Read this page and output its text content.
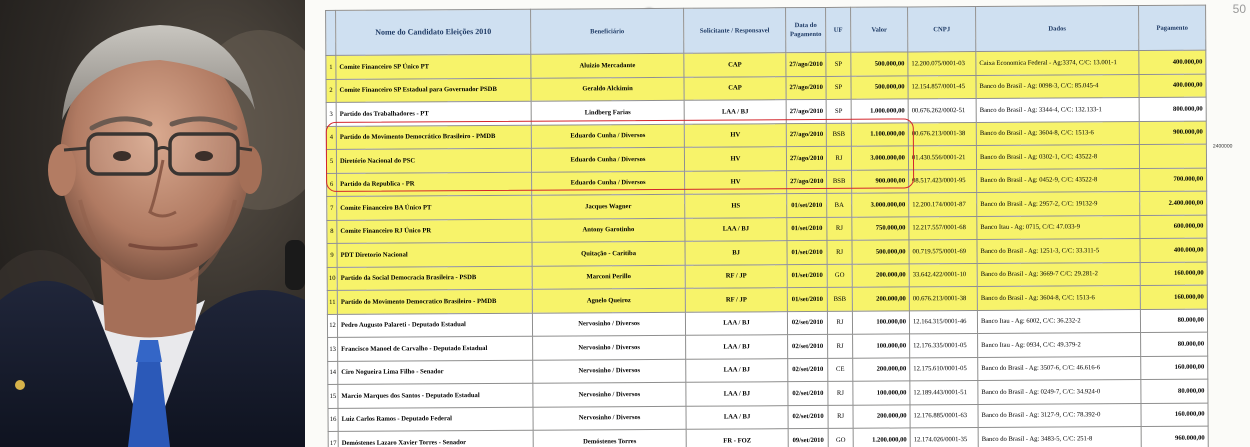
50
	Nome do Candidato Eleições 2010	Beneficiário	Solicitante / Responsavel	Data do Pagamento	UF	Valor	CNPJ	Dados	Pagamento
1	Comite Financeiro SP Único PT	Aluizio Mercadante	CAP	27/ago/2010	SP	500.000,00	12.200.075/0001-03	Caixa Economica Federal - Ag:3374, C/C: 13.001-1	400.000,00
2	Comite Financeiro SP Estadual para Governador PSDB	Geraldo Alckimin	CAP	27/ago/2010	SP	500.000,00	12.154.857/0001-45	Banco do Brasil - Ag: 0098-3, C/C: 85.045-4	400.000,00
3	Partido dos Trabalhadores - PT	Lindberg Farias	LAA / BJ	27/ago/2010	SP	1.000.000,00	00.676.262/0002-51	Banco do Brasil - Ag: 3344-4, C/C: 132.133-1	800.000,00
4	Partido do Movimento Democrático Brasileiro - PMDB	Eduardo Cunha / Diversos	HV	27/ago/2010	BSB	1.100.000,00	00.676.213/0001-38	Banco do Brasil - Ag: 3604-8, C/C: 1513-6	900.000,00
5	Diretório Nacional do PSC	Eduardo Cunha / Diversos	HV	27/ago/2010	RJ	3.000.000,00	01.430.556/0001-21	Banco do Brasil - Ag: 0302-1, C/C: 43522-8	
6	Partido da Republica - PR	Eduardo Cunha / Diversos	HV	27/ago/2010	BSB	900.000,00	08.517.423/0001-95	Banco do Brasil - Ag: 0452-9, C/C: 43522-8	700.000,00
7	Comite Financeiro BA Único PT	Jacques Wagner	HS	01/set/2010	BA	3.000.000,00	12.200.174/0001-87	Banco do Brasil - Ag: 2957-2, C/C: 19132-9	2.400.000,00
8	Comite Financeiro RJ Único PR	Antony Garotinho	LAA / BJ	01/set/2010	RJ	750.000,00	12.217.557/0001-68	Banco Itau - Ag: 0715, C/C: 47.033-9	600.000,00
9	PDT Diretorio Nacional	Quitação - Caritiba	BJ	01/set/2010	RJ	500.000,00	00.719.575/0001-69	Banco do Brasil - Ag: 1251-3, C/C: 33.311-5	400.000,00
10	Partido da Social Democracia Brasileira - PSDB	Marconi Perillo	RF / JP	01/set/2010	GO	200.000,00	33.642.422/0001-10	Banco do Brasil - Ag: 3669-7 C/C: 29.281-2	160.000,00
11	Partido do Movimento Democratico Brasileiro - PMDB	Agnelo Queiroz	RF / JP	01/set/2010	BSB	200.000,00	00.676.213/0001-38	Banco do Brasil - Ag: 3604-8, C/C: 1513-6	160.000,00
12	Pedro Augusto Palareti - Deputado Estadual	Nervosinho / Diversos	LAA / BJ	02/set/2010	RJ	100.000,00	12.164.315/0001-46	Banco Itau - Ag: 6002, C/C: 36.232-2	80.000,00
13	Francisco Manoel de Carvalho - Deputado Estadual	Nervosinho / Diversos	LAA / BJ	02/set/2010	RJ	100.000,00	12.176.335/0001-05	Banco Itau - Ag: 0934, C/C: 49.379-2	80.000,00
14	Ciro Nogueira Lima Filho - Senador	Nervosinho / Diversos	LAA / BJ	02/set/2010	CE	200.000,00	12.175.610/0001-05	Banco do Brasil - Ag: 3507-6, C/C: 46.616-6	160.000,00
15	Marcio Marques dos Santos - Deputado Estadual	Nervosinho / Diversos	LAA / BJ	02/set/2010	RJ	100.000,00	12.189.443/0001-51	Banco do Brasil - Ag: 0249-7, C/C: 34.924-0	80.000,00
16	Luiz Carlos Ramos - Deputado Federal	Nervosinho / Diversos	LAA / BJ	02/set/2010	RJ	200.000,00	12.176.885/0001-63	Banco do Brasil - Ag: 3127-9, C/C: 78.392-0	160.000,00
17	Demóstenes Lazaro Xavier Torres - Senador	Demóstenes Torres	FR - FOZ	09/set/2010	GO	1.200.000,00	12.174.026/0001-35	Banco do Brasil - Ag: 3483-5, C/C: 251-8	960.000,00
2400000
